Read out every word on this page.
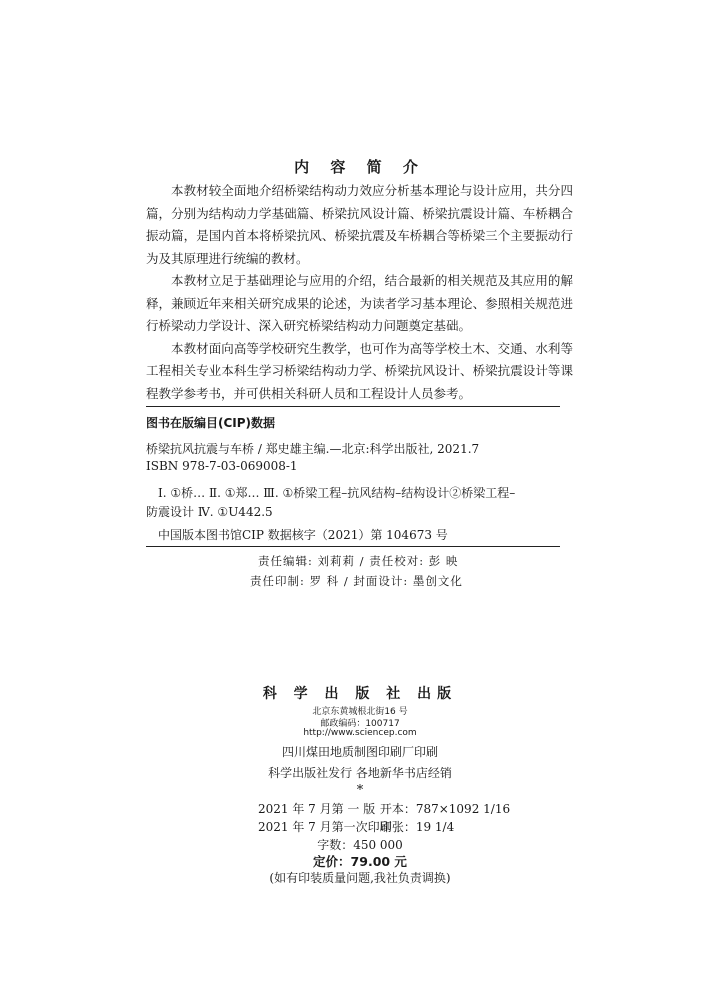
内 容 简 介

本教材较全面地介绍桥梁结构动力效应分析基本理论与设计应用，共分四篇，分别为结构动力学基础篇、桥梁抗风设计篇、桥梁抗震设计篇、车桥耦合振动篇，是国内首本将桥梁抗风、桥梁抗震及车桥耦合等桥梁三个主要振动行为及其原理进行统编的教材。

本教材立足于基础理论与应用的介绍，结合最新的相关规范及其应用的解释，兼顾近年来相关研究成果的论述，为读者学习基本理论、参照相关规范进行桥梁动力学设计、深入研究桥梁结构动力问题奠定基础。

本教材面向高等学校研究生教学，也可作为高等学校土木、交通、水利等工程相关专业本科生学习桥梁结构动力学、桥梁抗风设计、桥梁抗震设计等课程教学参考书，并可供相关科研人员和工程设计人员参考。

图书在版编目(CIP)数据
桥梁抗风抗震与车桥 / 郑史雄主编.—北京:科学出版社, 2021.7
ISBN 978-7-03-069008-1
Ⅰ. ①桥… Ⅱ. ①郑… Ⅲ. ①桥梁工程–抗风结构–结构设计②桥梁工程–
防震设计 Ⅳ. ①U442.5
中国版本图书馆CIP 数据核字（2021）第 104673 号
责任编辑: 刘莉莉 / 责任校对: 彭 映
责任印制: 罗 科 / 封面设计: 墨创文化
科 学 出 版 社 出版
北京东黄城根北街16 号
邮政编码：100717
http://www.sciencep.com
四川煤田地质制图印刷厂印刷
科学出版社发行 各地新华书店经销
*
2021 年 7 月第 一 版 开本：787×1092 1/16
2021 年 7 月第一次印刷 印张：19 1/4
字数：450 000
定价：79.00 元
(如有印装质量问题,我社负责调换)
